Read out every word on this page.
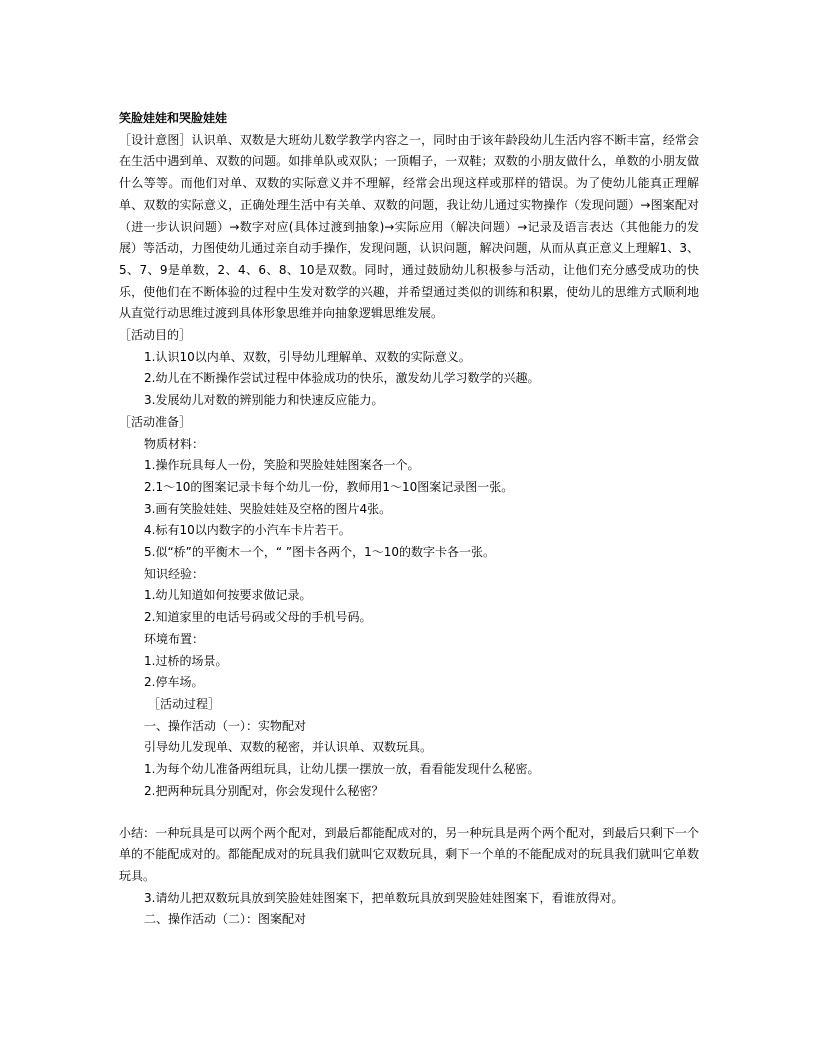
笑脸娃娃和哭脸娃娃

［设计意图］认识单、双数是大班幼儿数学教学内容之一，同时由于该年龄段幼儿生活内容不断丰富，经常会在生活中遇到单、双数的问题。如排单队或双队；一顶帽子，一双鞋；双数的小朋友做什么，单数的小朋友做什么等等。而他们对单、双数的实际意义并不理解，经常会出现这样或那样的错误。为了使幼儿能真正理解单、双数的实际意义，正确处理生活中有关单、双数的问题，我让幼儿通过实物操作（发现问题）→图案配对（进一步认识问题）→数字对应(具体过渡到抽象)→实际应用（解决问题）→记录及语言表达（其他能力的发展）等活动，力图使幼儿通过亲自动手操作，发现问题，认识问题，解决问题，从而从真正意义上理解1、3、5、7、9是单数，2、4、6、8、10是双数。同时，通过鼓励幼儿积极参与活动，让他们充分感受成功的快乐，使他们在不断体验的过程中生发对数学的兴趣，并希望通过类似的训练和积累，使幼儿的思维方式顺利地从直觉行动思维过渡到具体形象思维并向抽象逻辑思维发展。

［活动目的］

1.认识10以内单、双数，引导幼儿理解单、双数的实际意义。

2.幼儿在不断操作尝试过程中体验成功的快乐，激发幼儿学习数学的兴趣。

3.发展幼儿对数的辨别能力和快速反应能力。

［活动准备］

物质材料：

1.操作玩具每人一份，笑脸和哭脸娃娃图案各一个。

2.1～10的图案记录卡每个幼儿一份，教师用1～10图案记录图一张。

3.画有笑脸娃娃、哭脸娃娃及空格的图片4张。

4.标有10以内数字的小汽车卡片若干。

5.似“桥”的平衡木一个，“ ”图卡各两个，1～10的数字卡各一张。

知识经验：

1.幼儿知道如何按要求做记录。

2.知道家里的电话号码或父母的手机号码。

环境布置：

1.过桥的场景。

2.停车场。

［活动过程］

一、操作活动（一）：实物配对

引导幼儿发现单、双数的秘密，并认识单、双数玩具。

1.为每个幼儿准备两组玩具，让幼儿摆一摆放一放，看看能发现什么秘密。

2.把两种玩具分别配对，你会发现什么秘密？

小结：一种玩具是可以两个两个配对，到最后都能配成对的，另一种玩具是两个两个配对，到最后只剩下一个单的不能配成对的。都能配成对的玩具我们就叫它双数玩具，剩下一个单的不能配成对的玩具我们就叫它单数玩具。

3.请幼儿把双数玩具放到笑脸娃娃图案下，把单数玩具放到哭脸娃娃图案下，看谁放得对。

二、操作活动（二）：图案配对
